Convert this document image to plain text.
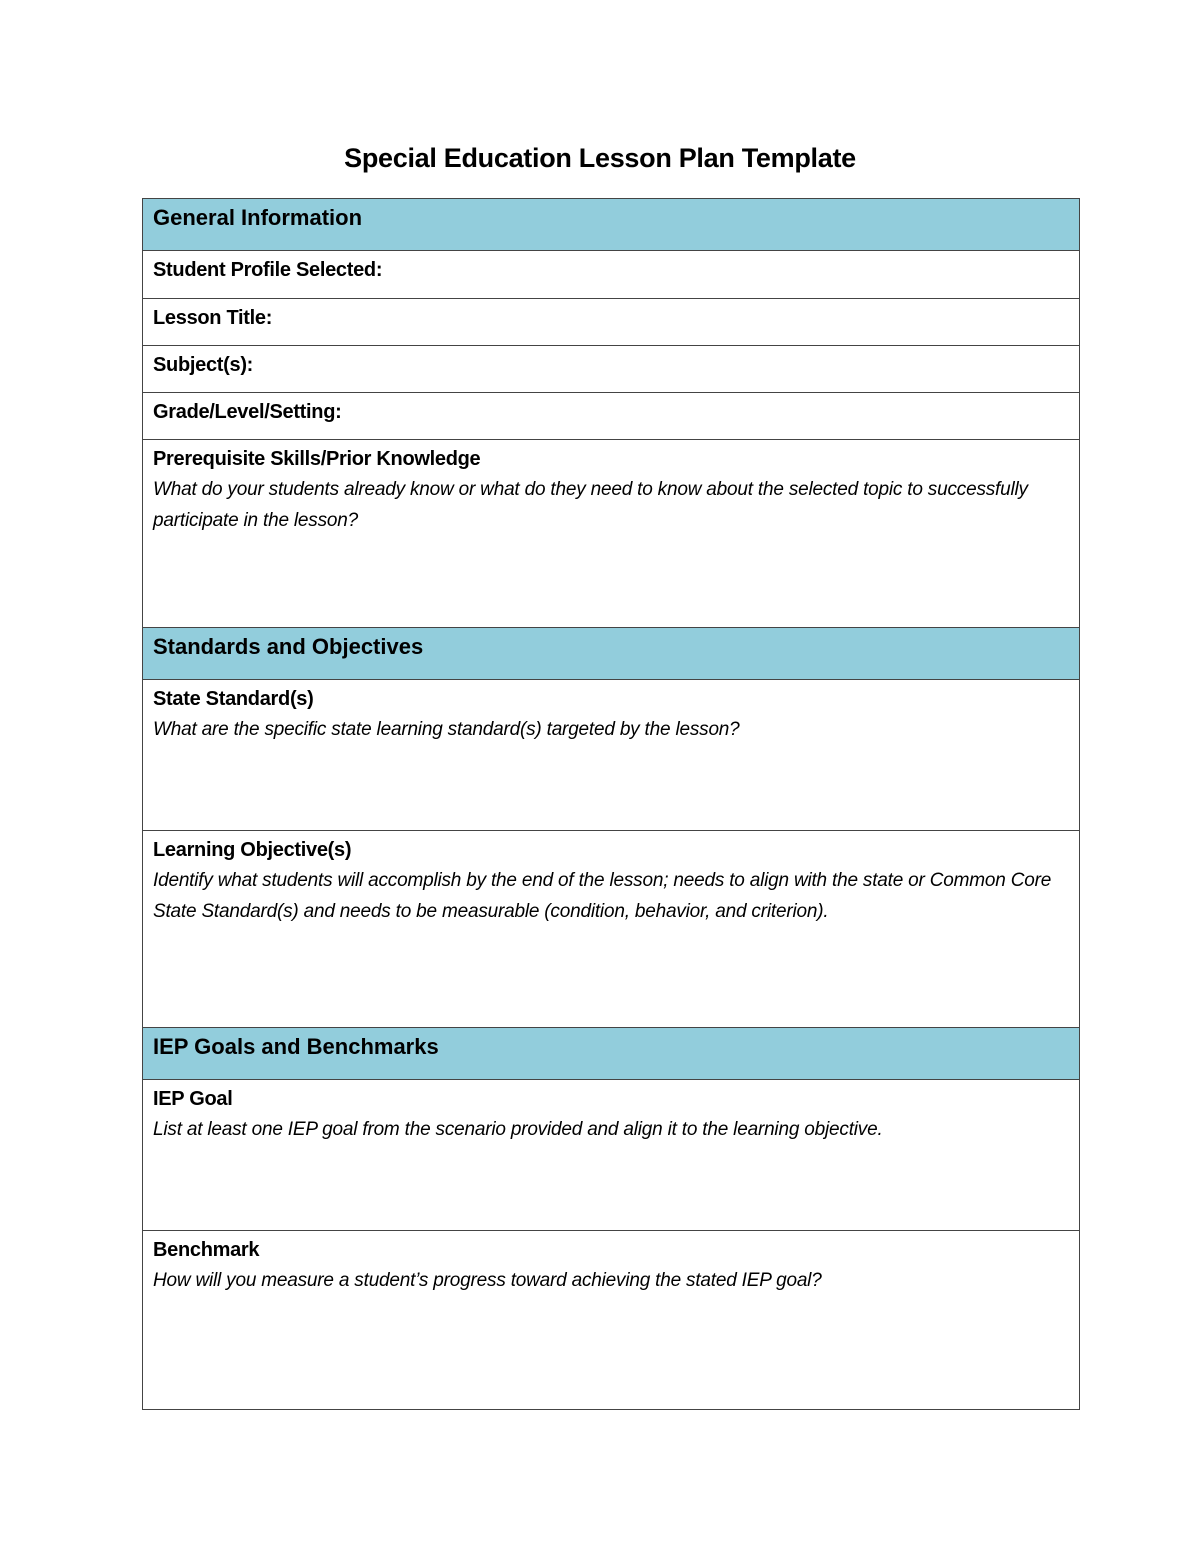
Special Education Lesson Plan Template
General Information
Student Profile Selected:
Lesson Title:
Subject(s):
Grade/Level/Setting:
Prerequisite Skills/Prior Knowledge
What do your students already know or what do they need to know about the selected topic to successfully participate in the lesson?
Standards and Objectives
State Standard(s)
What are the specific state learning standard(s) targeted by the lesson?
Learning Objective(s)
Identify what students will accomplish by the end of the lesson; needs to align with the state or Common Core State Standard(s) and needs to be measurable (condition, behavior, and criterion).
IEP Goals and Benchmarks
IEP Goal
List at least one IEP goal from the scenario provided and align it to the learning objective.
Benchmark
How will you measure a student’s progress toward achieving the stated IEP goal?
